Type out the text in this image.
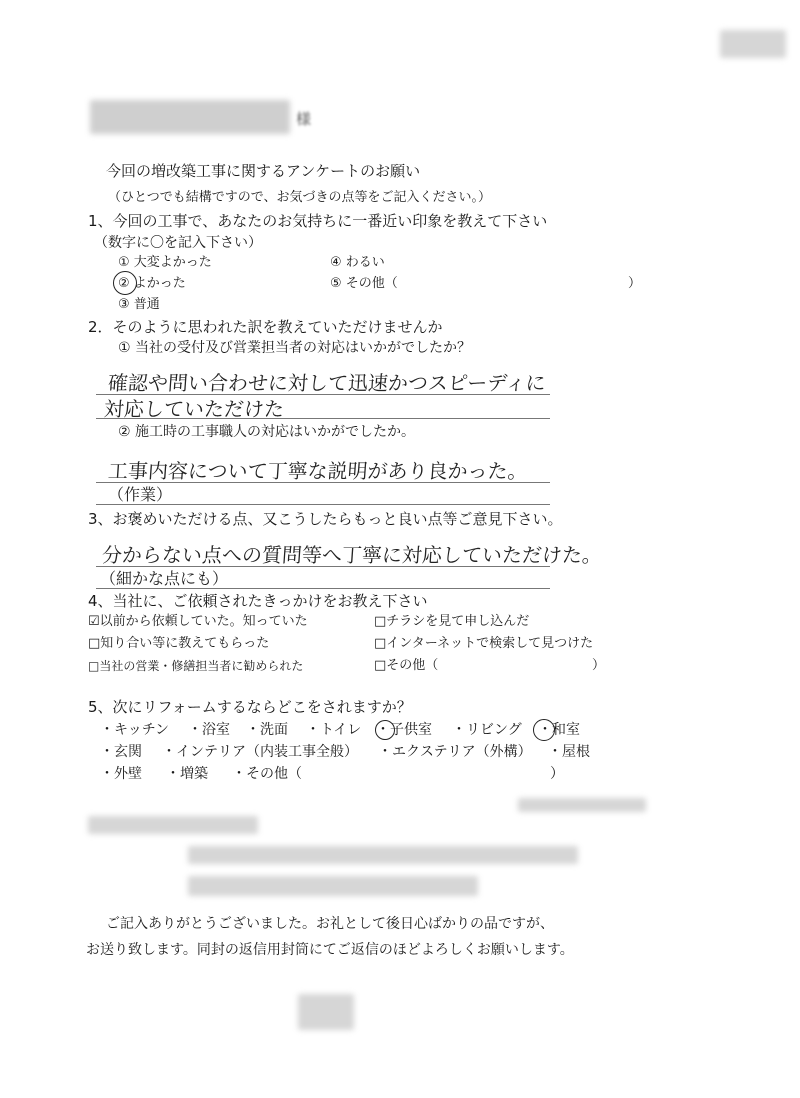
様
今回の増改築工事に関するアンケートのお願い
（ひとつでも結構ですので、お気づきの点等をご記入ください。）
1、今回の工事で、あなたのお気持ちに一番近い印象を教えて下さい
（数字に〇を記入下さい）
① 大変よかった
② よかった
③ 普通
④ わるい
⑤ その他（	）
2．そのように思われた訳を教えていただけませんか
① 当社の受付及び営業担当者の対応はいかがでしたか？
確認や問い合わせに対して迅速かつスピーディに
対応していただけた
② 施工時の工事職人の対応はいかがでしたか。
工事内容について丁寧な説明があり良かった。
（作業）
3、お褒めいただける点、又こうしたらもっと良い点等ご意見下さい。
分からない点への質問等へ丁寧に対応していただけた。
（細かな点にも）
4、当社に、ご依頼されたきっかけをお教え下さい
☑以前から依頼していた。知っていた
□知り合い等に教えてもらった
□当社の営業・修繕担当者に勧められた
□チラシを見て申し込んだ
□インターネットで検索して見つけた
□その他（	）
5、次にリフォームするならどこをされますか？
・キッチン ・浴室 ・洗面 ・トイレ ・子供室 ・リビング ・和室
・玄関 ・インテリア（内装工事全般） ・エクステリア（外構） ・屋根
・外壁 ・増築 ・その他（	）
ご記入ありがとうございました。お礼として後日心ばかりの品ですが、
お送り致します。同封の返信用封筒にてご返信のほどよろしくお願いします。
